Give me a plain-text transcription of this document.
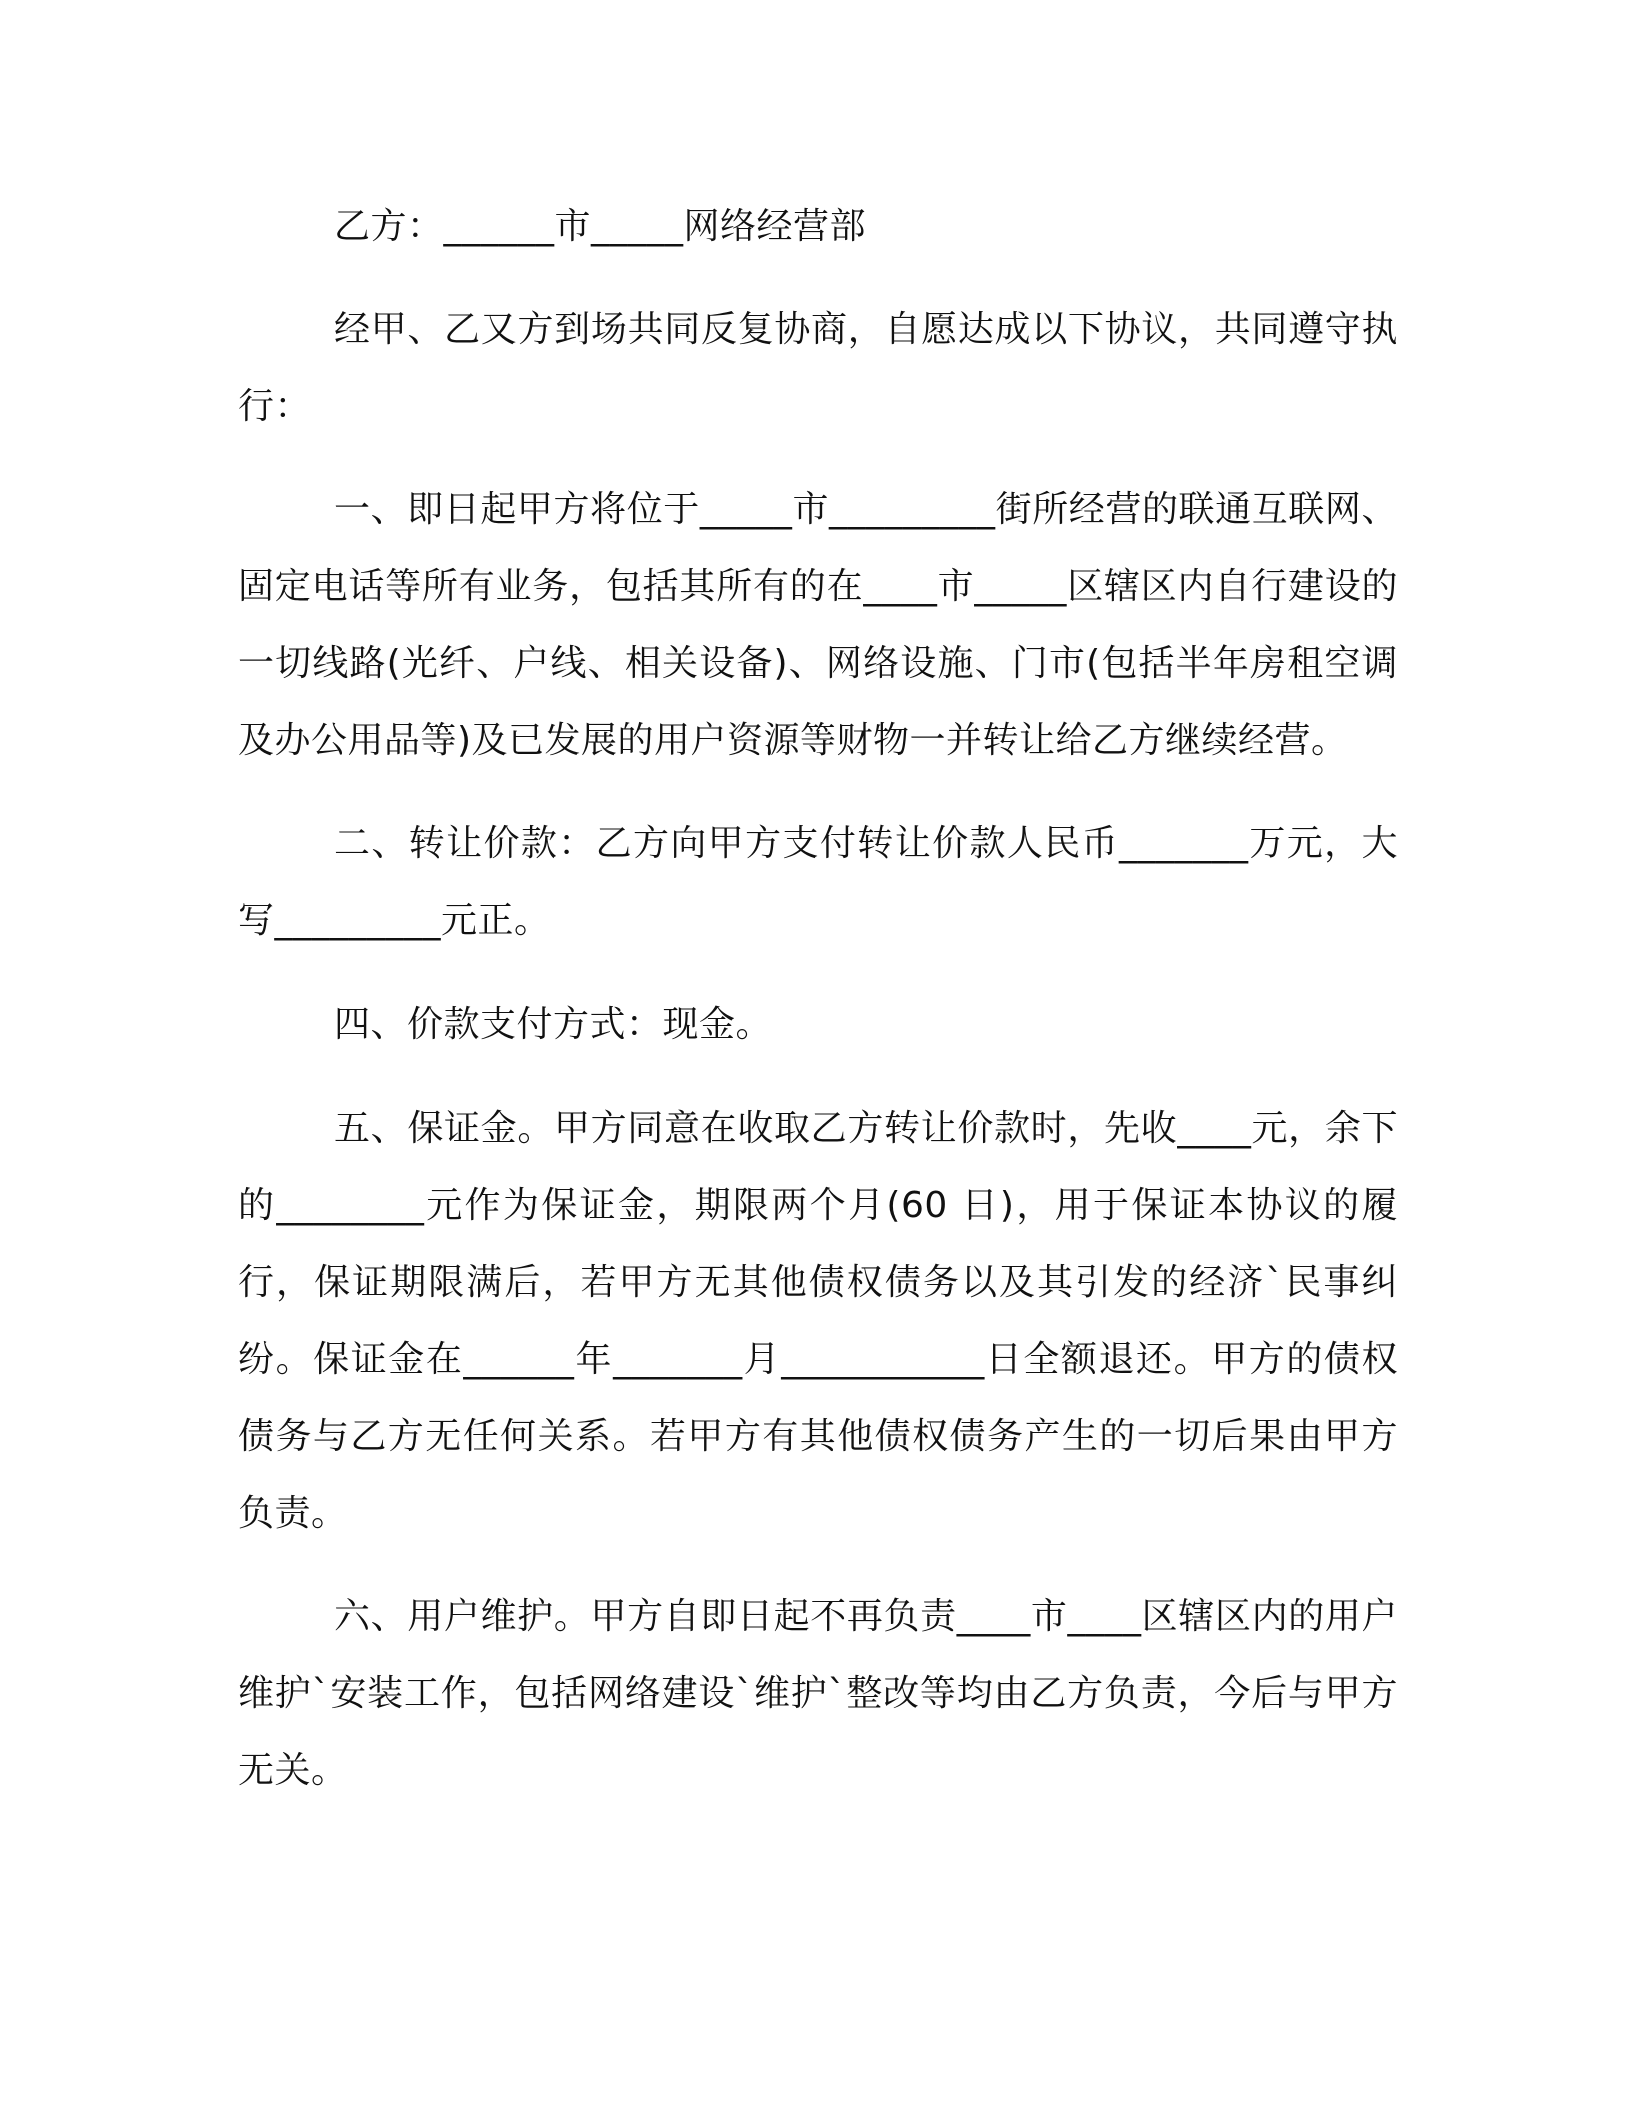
乙方：______市_____网络经营部

经甲、乙又方到场共同反复协商，自愿达成以下协议，共同遵守执行：

一、即日起甲方将位于_____市_________街所经营的联通互联网、固定电话等所有业务，包括其所有的在____市_____区辖区内自行建设的一切线路(光纤、户线、相关设备)、网络设施、门市(包括半年房租空调及办公用品等)及已发展的用户资源等财物一并转让给乙方继续经营。

二、转让价款：乙方向甲方支付转让价款人民币_______万元，大写_________元正。

四、价款支付方式：现金。

五、保证金。甲方同意在收取乙方转让价款时，先收____元，余下的________元作为保证金，期限两个月(60 日)，用于保证本协议的履行，保证期限满后，若甲方无其他债权债务以及其引发的经济`民事纠纷。保证金在______年_______月___________日全额退还。甲方的债权债务与乙方无任何关系。若甲方有其他债权债务产生的一切后果由甲方负责。

六、用户维护。甲方自即日起不再负责____市____区辖区内的用户维护`安装工作，包括网络建设`维护`整改等均由乙方负责，今后与甲方无关。
